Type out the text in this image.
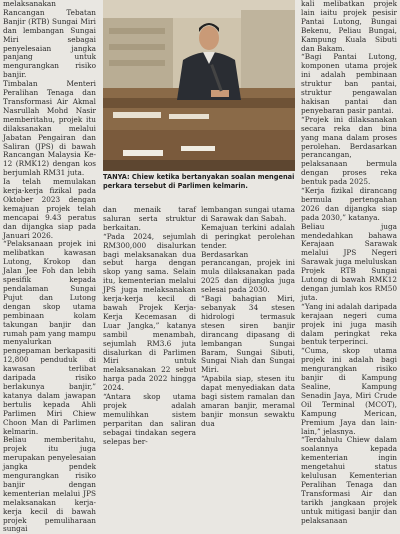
melaksanakan Rancangan Tebatan Banjir (RTB) Sungai Miri dan lembangan Sungai Miri sebagai penyelesaian jangka panjang untuk mengurangkan risiko banjir.

Timbalan Menteri Peralihan Tenaga dan Transformasi Air Akmal Nasrullah Mohd Nasir memberitahu, projek itu dilaksanakan melalui Jabatan Pengairan dan Saliran (JPS) di bawah Rancangan Malaysia Ke-12 (RMK12) dengan kos berjumlah RM31 juta.

Ia telah memulakan kerja-kerja fizikal pada Oktober 2023 dengan kemajuan projek telah mencapai 9.43 peratus dan dijangka siap pada Januari 2026.

“Pelaksanaan projek ini melibatkan kawasan Lutong, Krokop dan Jalan Jee Foh dan lebih spesifik kepada pendalaman Sungai Pujut dan Lutong dengan skop utama pembinaan kolam takungan banjir dan rumah pam yang mampu menyalurkan pengepaman berkapasiti 12,800 penduduk di kawasan terlibat daripada risiko berlakunya banjir,” katanya dalam jawapan bertulis kepada Ahli Parlimen Miri Chiew Choon Man di Parlimen kelmarin.

Beliau memberitahu, projek itu juga merupakan penyelesaian jangka pendek mengurangkan risiko banjir dengan kementerian melalui JPS melaksanakan kerja-kerja kecil di bawah projek pemuliharaan sungai

TANYA: Chiew ketika bertanyakan soalan mengenai perkara tersebut di Parlimen kelmarin.

dan menaik taraf saluran serta struktur berkaitan.

“Pada 2024, sejumlah RM300,000 disalurkan bagi melaksanakan dua sebut harga dengan skop yang sama. Selain itu, kementerian melalui JPS juga melaksanakan kerja-kerja kecil di bawah Projek Kerja-Kerja Kecemasan di Luar Jangka,” katanya sambil menambah, sejumlah RM3.6 juta disalurkan di Parlimen Miri untuk melaksanakan 22 sebut harga pada 2022 hingga 2024.

“Antara skop utama projek adalah memulihkan sistem perparitan dan saliran sebagai tindakan segera selepas ber-

lembangan sungai utama di Sarawak dan Sabah.

Kemajuan terkini adalah di peringkat perolehan tender.

Berdasarkan perancangan, projek ini mula dilaksanakan pada 2025 dan dijangka juga selesai pada 2030.

“Bagi bahagian Miri, sebanyak 34 stesen hidrologi termasuk stesen siren banjir dirancang dipasang di lembangan Sungai Baram, Sungai Sibuti, Sungai Niah dan Sungai Miri.

“Apabila siap, stesen itu dapat menyediakan data bagi sistem ramalan dan amaran banjir, meramal banjir monsun sewaktu dua

kali melibatkan projek lain iaitu projek pesisir Pantai Lutong, Bungai Bekenu, Peliau Bungai, Kampung Kuala Sibuti dan Bakam.

“Bagi Pantai Lutong, komponen utama projek ini adalah pembinaan struktur ban pantai, struktur pengawalan hakisan pantai dan penyebaran pasir pantai.

“Projek ini dilaksanakan secara reka dan bina yang mana dalam proses perolehan. Berdasarkan perancangan, pelaksanaan bermula dengan proses reka bentuk pada 2025.

“Kerja fizikal dirancang bermula pertengahan 2026 dan dijangka siap pada 2030,” katanya.

Beliau juga mendedahkan bahawa Kerajaan Sarawak melalui JPS Negeri Sarawak juga meluluskan Projek RTB Sungai Lutong di bawah RMK12 dengan jumlah kos RM50 juta.

“Yang ini adalah daripada kerajaan negeri cuma projek ini juga masih dalam peringkat reka bentuk terperinci.

“Cuma, skop utama projek ini adalah bagi mengurangkan risiko banjir di Kampung Sealine, Kampung Senadin Jaya, Miri Crude Oil Terminal (MCOT), Kampung Merican, Premium Jaya dan lain-lain,” jelasnya.

“Terdahulu Chiew dalam soalannya kepada kementerian ingin mengetahui status kelulusan Kementerian Peralihan Tenaga dan Transformasi Air dan tarikh jangkaan projek untuk mitigasi banjir dan pelaksanaan
